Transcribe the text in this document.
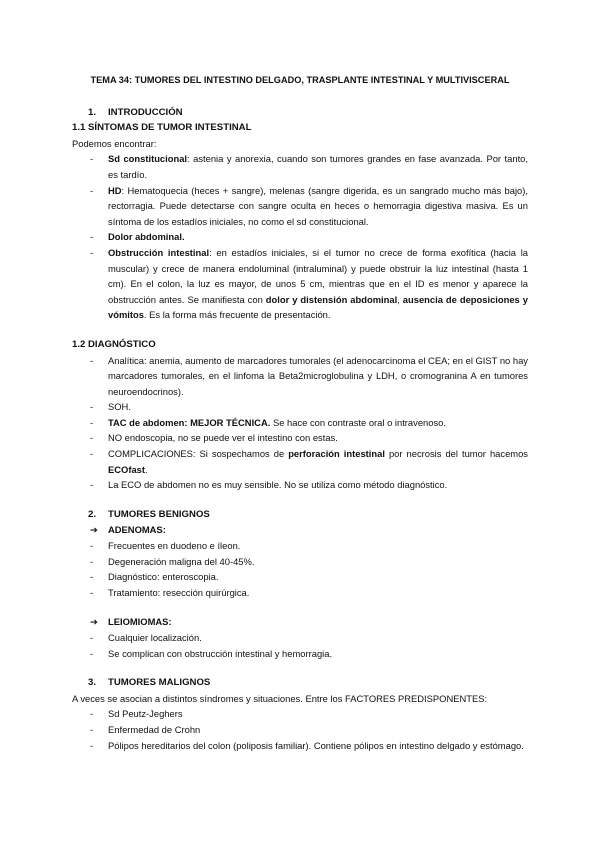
TEMA 34: TUMORES DEL INTESTINO DELGADO, TRASPLANTE INTESTINAL Y MULTIVISCERAL
1. INTRODUCCIÓN
1.1 SÍNTOMAS DE TUMOR INTESTINAL

Podemos encontrar:

- Sd constitucional: astenia y anorexia, cuando son tumores grandes en fase avanzada. Por tanto, es tardío.
- HD: Hematoquecia (heces + sangre), melenas (sangre digerida, es un sangrado mucho más bajo), rectorragia. Puede detectarse con sangre oculta en heces o hemorragia digestiva masiva. Es un síntoma de los estadíos iniciales, no como el sd constitucional.
- Dolor abdominal.
- Obstrucción intestinal: en estadíos iniciales, si el tumor no crece de forma exofítica (hacia la muscular) y crece de manera endoluminal (intraluminal) y puede obstruir la luz intestinal (hasta 1 cm). En el colon, la luz es mayor, de unos 5 cm, mientras que en el ID es menor y aparece la obstrucción antes. Se manifiesta con dolor y distensión abdominal, ausencia de deposiciones y vómitos. Es la forma más frecuente de presentación.
1.2 DIAGNÓSTICO
- Analítica: anemia, aumento de marcadores tumorales (el adenocarcinoma el CEA; en el GIST no hay marcadores tumorales, en el linfoma la Beta2microglobulina y LDH, o cromogranina A en tumores neuroendocrinos).
- SOH.
- TAC de abdomen: MEJOR TÉCNICA. Se hace con contraste oral o intravenoso.
- NO endoscopia, no se puede ver el intestino con estas.
- COMPLICACIONES: Si sospechamos de perforación intestinal por necrosis del tumor hacemos ECOfast.
- La ECO de abdomen no es muy sensible. No se utiliza como método diagnóstico.
2. TUMORES BENIGNOS
➔ ADENOMAS:
- Frecuentes en duodeno e íleon.
- Degeneración maligna del 40-45%.
- Diagnóstico: enteroscopia.
- Tratamiento: resección quirúrgica.
➔ LEIOMIOMAS:
- Cualquier localización.
- Se complican con obstrucción intestinal y hemorragia.
3. TUMORES MALIGNOS

A veces se asocian a distintos síndromes y situaciones. Entre los FACTORES PREDISPONENTES:

- Sd Peutz-Jeghers
- Enfermedad de Crohn
- Pólipos hereditarios del colon (poliposis familiar). Contiene pólipos en intestino delgado y estómago.
